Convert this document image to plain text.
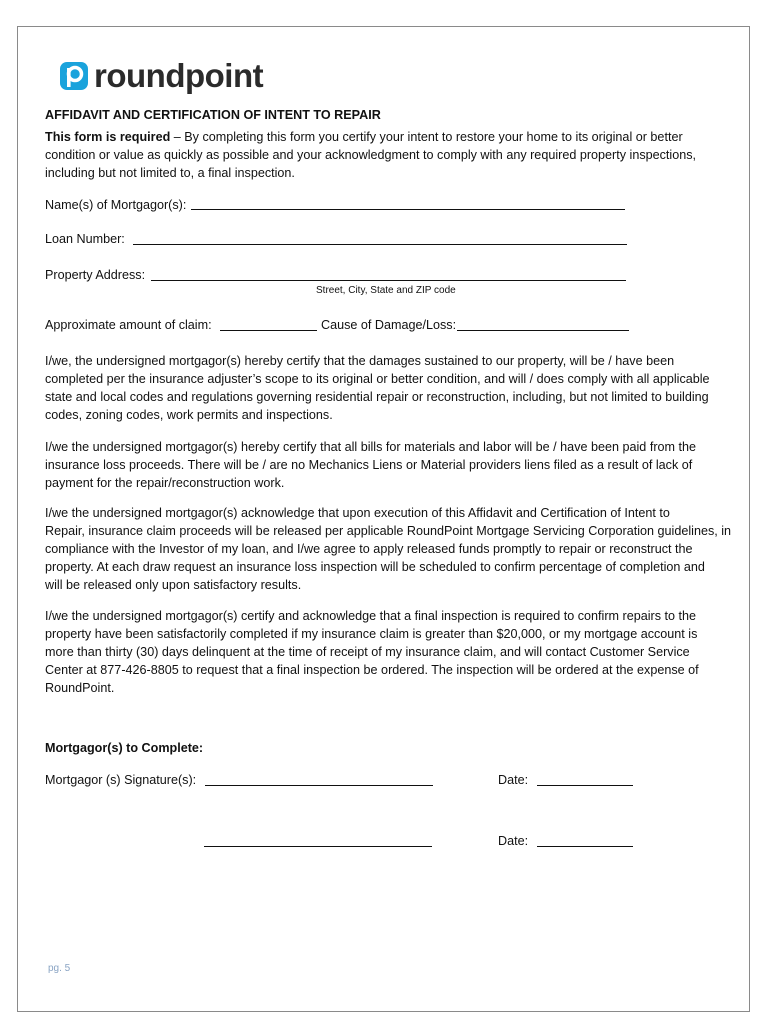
roundpoint
AFFIDAVIT AND CERTIFICATION OF INTENT TO REPAIR
This form is required – By completing this form you certify your intent to restore your home to its original or better
condition or value as quickly as possible and your acknowledgment to comply with any required property inspections,
including but not limited to, a final inspection.
Name(s) of Mortgagor(s):
Loan Number:
Property Address:
Street, City, State and ZIP code
Approximate amount of claim:	Cause of Damage/Loss:
I/we, the undersigned mortgagor(s) hereby certify that the damages sustained to our property, will be / have been
completed per the insurance adjuster’s scope to its original or better condition, and will / does comply with all applicable
state and local codes and regulations governing residential repair or reconstruction, including, but not limited to building
codes, zoning codes, work permits and inspections.
I/we the undersigned mortgagor(s) hereby certify that all bills for materials and labor will be / have been paid from the
insurance loss proceeds. There will be / are no Mechanics Liens or Material providers liens filed as a result of lack of
payment for the repair/reconstruction work.
I/we the undersigned mortgagor(s) acknowledge that upon execution of this Affidavit and Certification of Intent to
Repair, insurance claim proceeds will be released per applicable RoundPoint Mortgage Servicing Corporation guidelines, in
compliance with the Investor of my loan, and I/we agree to apply released funds promptly to repair or reconstruct the
property. At each draw request an insurance loss inspection will be scheduled to confirm percentage of completion and
will be released only upon satisfactory results.
I/we the undersigned mortgagor(s) certify and acknowledge that a final inspection is required to confirm repairs to the
property have been satisfactorily completed if my insurance claim is greater than $20,000, or my mortgage account is
more than thirty (30) days delinquent at the time of receipt of my insurance claim, and will contact Customer Service
Center at 877-426-8805 to request that a final inspection be ordered. The inspection will be ordered at the expense of
RoundPoint.
Mortgagor(s) to Complete:
Mortgagor (s) Signature(s):	Date:
Date:
pg. 5
